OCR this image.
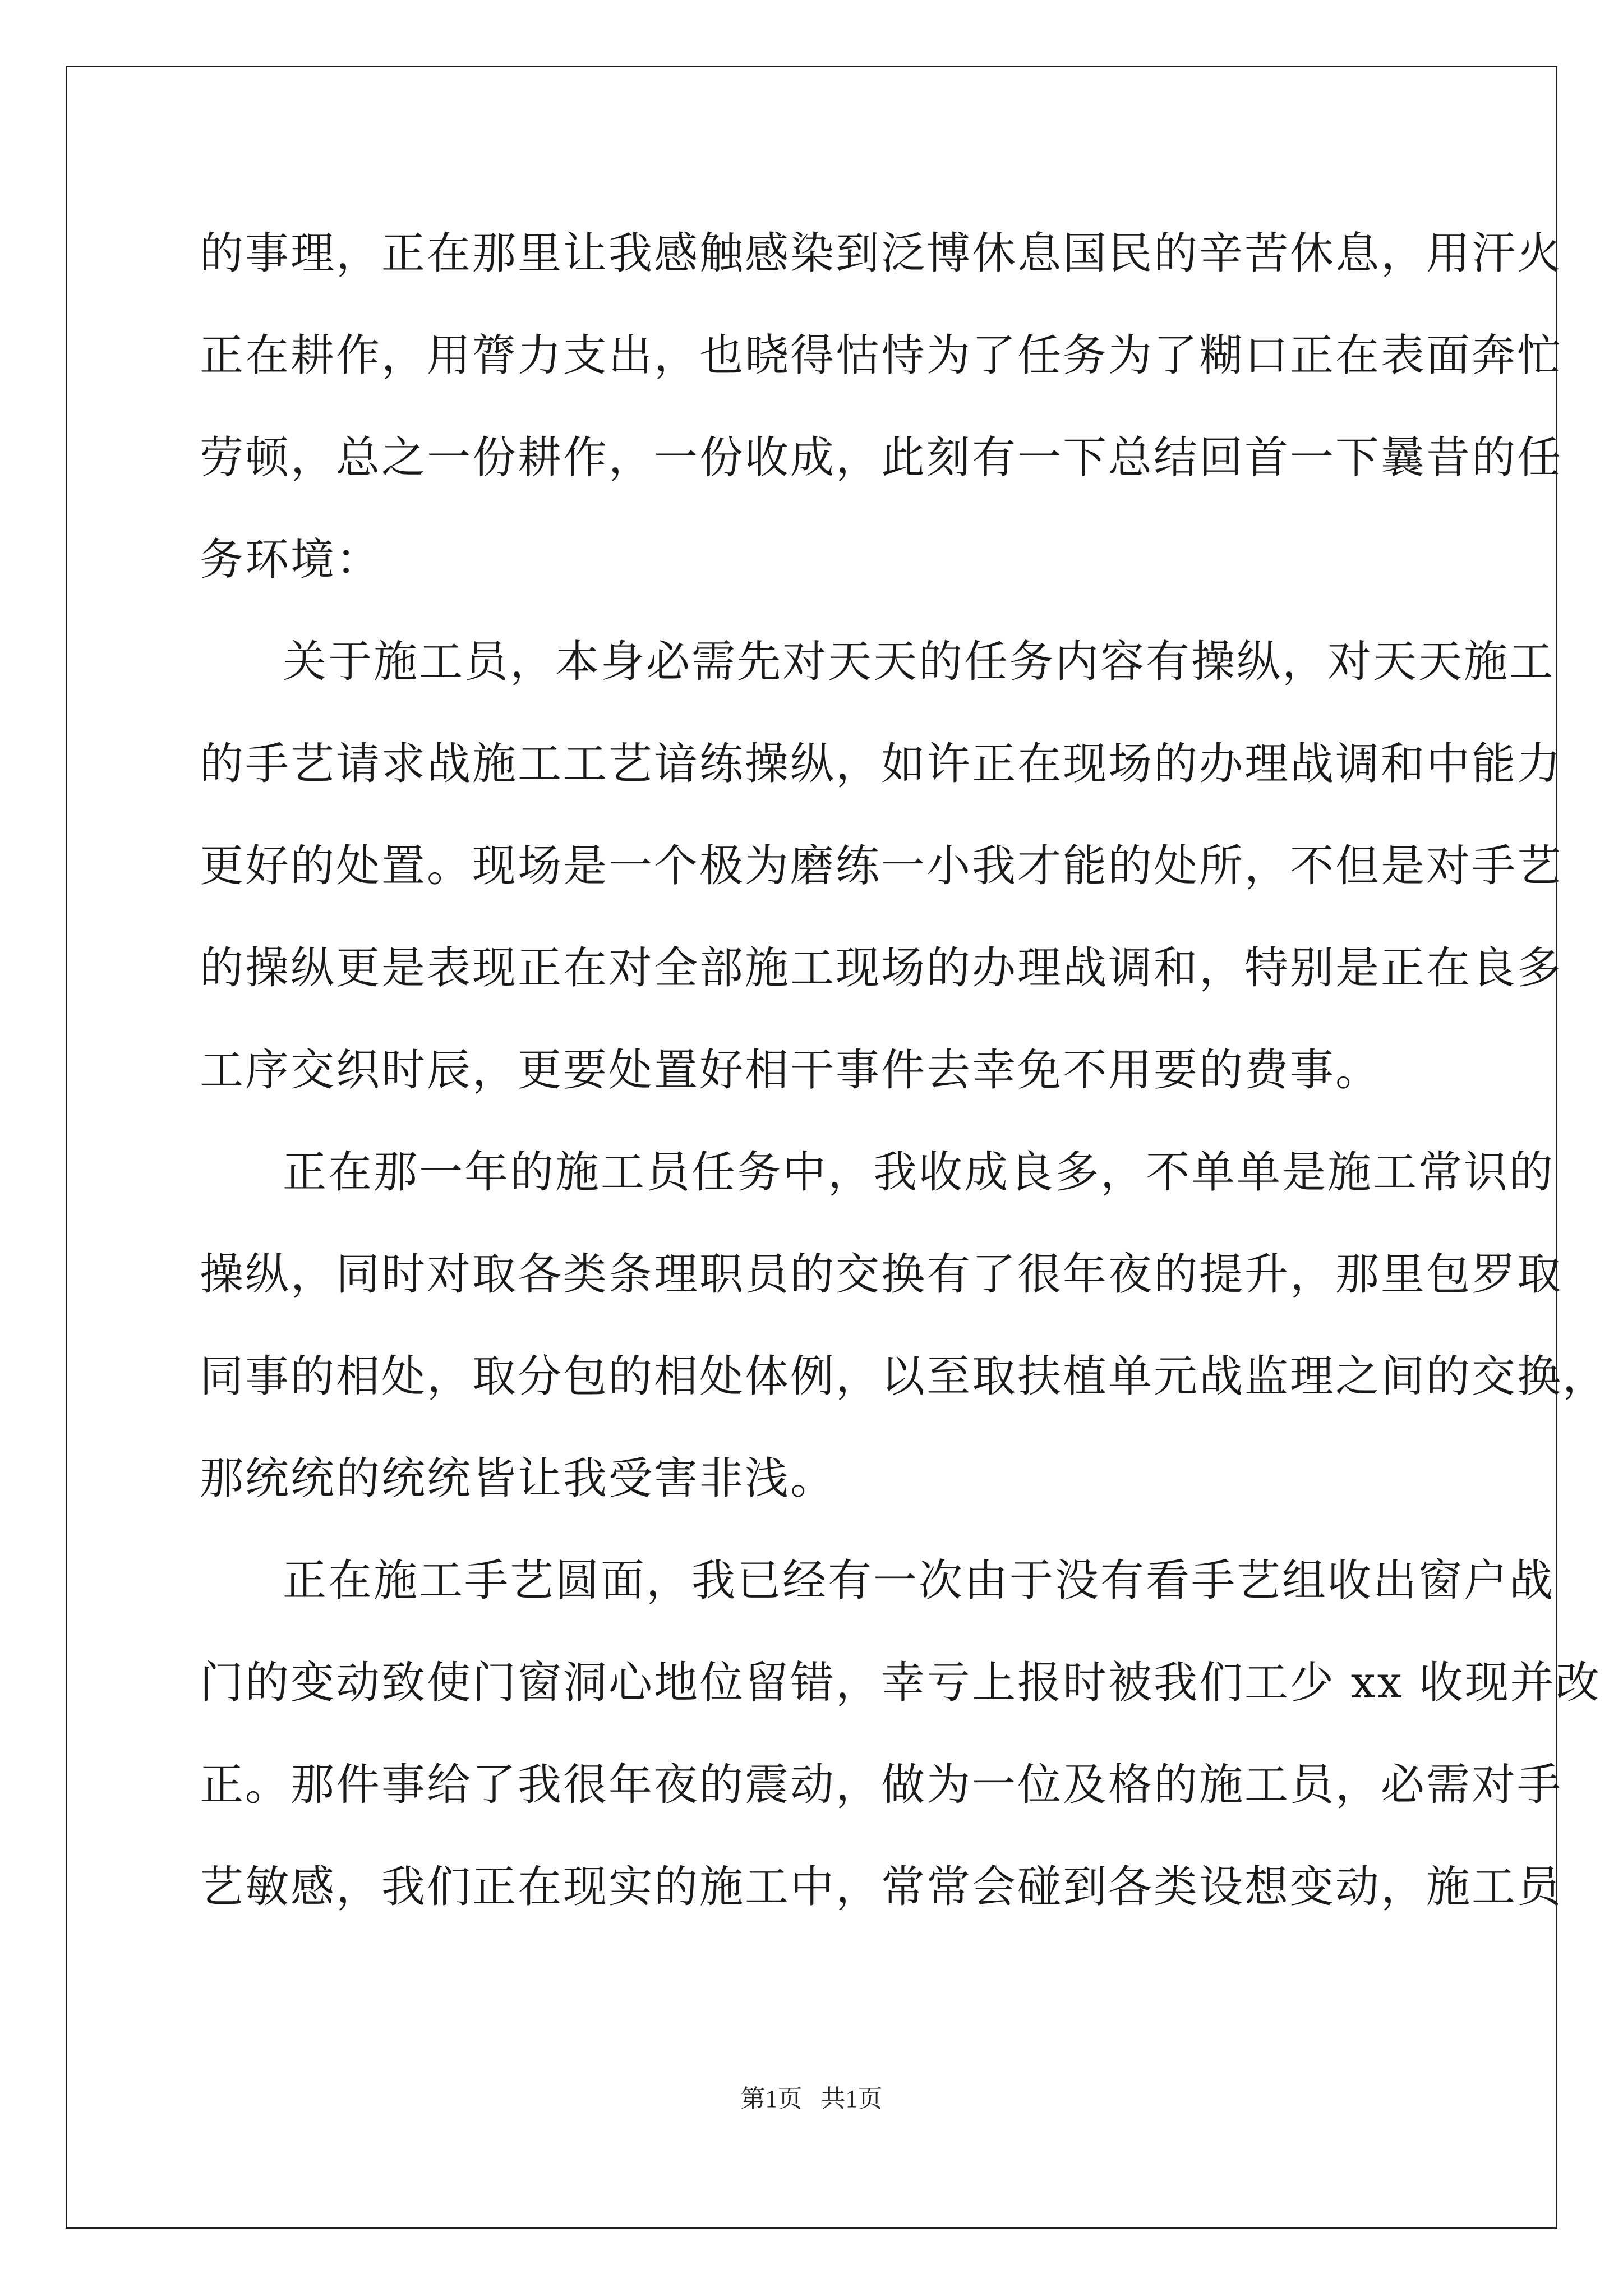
的事理，正在那里让我感触感染到泛博休息国民的辛苦休息，用汗火
正在耕作，用膂力支出，也晓得怙恃为了任务为了糊口正在表面奔忙
劳顿，总之一份耕作，一份收成，此刻有一下总结回首一下曩昔的任
务环境：
关于施工员，本身必需先对天天的任务内容有操纵，对天天施工
的手艺请求战施工工艺谙练操纵，如许正在现场的办理战调和中能力
更好的处置。现场是一个极为磨练一小我才能的处所，不但是对手艺
的操纵更是表现正在对全部施工现场的办理战调和，特别是正在良多
工序交织时辰，更要处置好相干事件去幸免不用要的费事。
正在那一年的施工员任务中，我收成良多，不单单是施工常识的
操纵，同时对取各类条理职员的交换有了很年夜的提升，那里包罗取
同事的相处，取分包的相处体例，以至取扶植单元战监理之间的交换，
那统统的统统皆让我受害非浅。
正在施工手艺圆面，我已经有一次由于没有看手艺组收出窗户战
门的变动致使门窗洞心地位留错，幸亏上报时被我们工少 xx 收现并改
正。那件事给了我很年夜的震动，做为一位及格的施工员，必需对手
艺敏感，我们正在现实的施工中，常常会碰到各类设想变动，施工员
第1页   共1页
